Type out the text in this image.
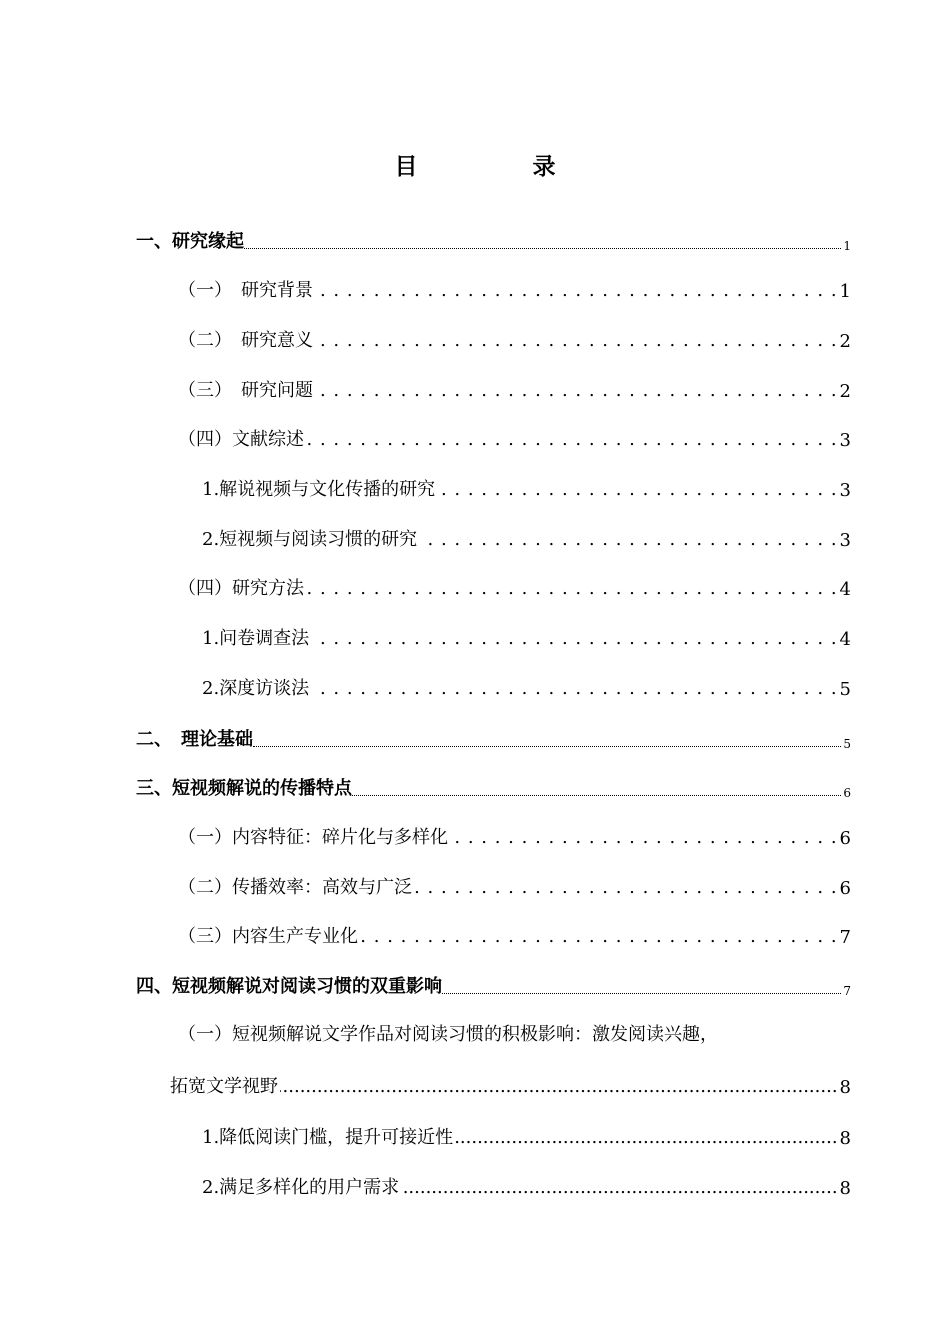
目　录
一、研究缘起	1
（一）　研究背景 . . .	1
（二）　研究意义 . . .	2
（三）　研究问题 . . .	2
（四）文献综述 . . .	3
1.解说视频与文化传播的研究 . . .	3
2.短视频与阅读习惯的研究 . . .	3
（四）研究方法 . . .	4
1.问卷调查法 . . .	4
2.深度访谈法 . . .	5
二、　理论基础	5
三、短视频解说的传播特点	6
（一）内容特征：碎片化与多样化 . . .	6
（二）传播效率：高效与广泛 . . .	6
（三）内容生产专业化 . . .	7
四、短视频解说对阅读习惯的双重影响	7
（一）短视频解说文学作品对阅读习惯的积极影响：激发阅读兴趣，
拓宽文学视野 .....	8
1.降低阅读门槛，提升可接近性 .....	8
2.满足多样化的用户需求 .....	8
